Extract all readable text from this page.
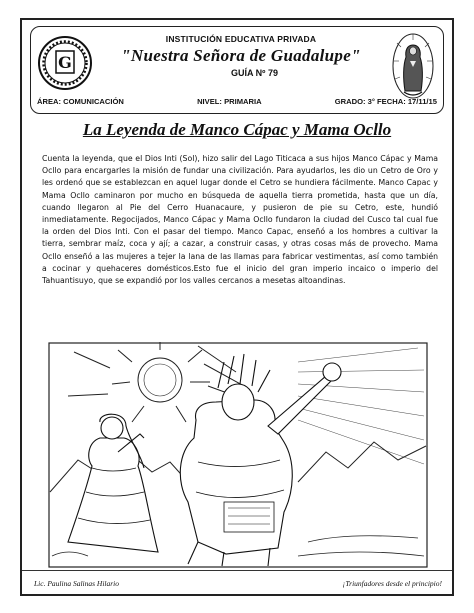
G
INSTITUCIÓN EDUCATIVA PRIVADA
"Nuestra Señora de Guadalupe"
GUÍA Nº 79
ÁREA: COMUNICACIÓN	NIVEL: PRIMARIA	GRADO: 3° FECHA: 17/11/15
La Leyenda de Manco Cápac y Mama Ocllo

Cuenta la leyenda, que el Dios Inti (Sol), hizo salir del Lago Titicaca a sus hijos Manco Cápac y Mama Ocllo para encargarles la misión de fundar una civilización. Para ayudarlos, les dio un Cetro de Oro y les ordenó que se establezcan en aquel lugar donde el Cetro se hundiera fácilmente. Manco Capac y Mama Ocllo caminaron por mucho en búsqueda de aquella tierra prometida, hasta que un día, cuando llegaron al Pie del Cerro Huanacaure, y pusieron de pie su Cetro, este, hundió inmediatamente. Regocijados, Manco Cápac y Mama Ocllo fundaron la ciudad del Cusco tal cual fue la orden del Dios Inti. Con el pasar del tiempo. Manco Capac, enseñó a los hombres a cultivar la tierra, sembrar maíz, coca y ají; a cazar, a construir casas, y otras cosas más de provecho. Mama Ocllo enseñó a las mujeres a tejer la lana de las llamas para fabricar vestimentas, así como también a cocinar y quehaceres domésticos.Esto fue el inicio del gran imperio incaico o imperio del Tahuantisuyo, que se expandió por los valles cercanos a mesetas altoandinas.

Lic. Paulina Salinas Hilario	¡Triunfadores desde el principio!
